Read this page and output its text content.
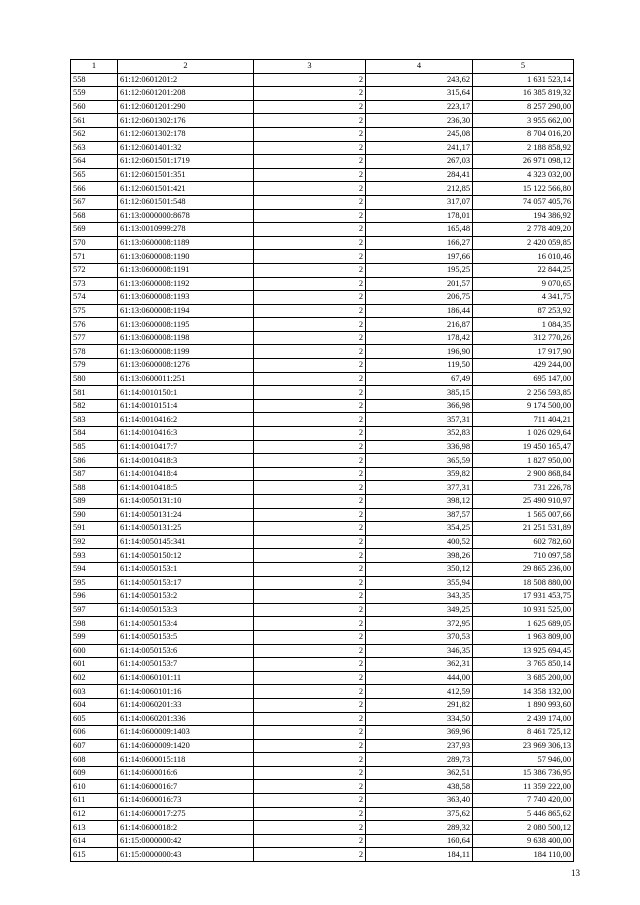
1	2	3	4	5
558	61:12:0601201:2	2	243,62	1 631 523,14
559	61:12:0601201:208	2	315,64	16 385 819,32
560	61:12:0601201:290	2	223,17	8 257 290,00
561	61:12:0601302:176	2	236,30	3 955 662,00
562	61:12:0601302:178	2	245,08	8 704 016,20
563	61:12:0601401:32	2	241,17	2 188 858,92
564	61:12:0601501:1719	2	267,03	26 971 098,12
565	61:12:0601501:351	2	284,41	4 323 032,00
566	61:12:0601501:421	2	212,85	15 122 566,80
567	61:12:0601501:548	2	317,07	74 057 405,76
568	61:13:0000000:8678	2	178,01	194 386,92
569	61:13:0010999:278	2	165,48	2 778 409,20
570	61:13:0600008:1189	2	166,27	2 420 059,85
571	61:13:0600008:1190	2	197,66	16 010,46
572	61:13:0600008:1191	2	195,25	22 844,25
573	61:13:0600008:1192	2	201,57	9 070,65
574	61:13:0600008:1193	2	206,75	4 341,75
575	61:13:0600008:1194	2	186,44	87 253,92
576	61:13:0600008:1195	2	216,87	1 084,35
577	61:13:0600008:1198	2	178,42	312 770,26
578	61:13:0600008:1199	2	196,90	17 917,90
579	61:13:0600008:1276	2	119,50	429 244,00
580	61:13:0600011:251	2	67,49	695 147,00
581	61:14:0010150:1	2	385,15	2 256 593,85
582	61:14:0010151:4	2	366,98	9 174 500,00
583	61:14:0010416:2	2	357,31	711 404,21
584	61:14:0010416:3	2	352,83	1 026 029,64
585	61:14:0010417:7	2	336,98	19 450 165,47
586	61:14:0010418:3	2	365,59	1 827 950,00
587	61:14:0010418:4	2	359,82	2 900 868,84
588	61:14:0010418:5	2	377,31	731 226,78
589	61:14:0050131:10	2	398,12	25 490 910,97
590	61:14:0050131:24	2	387,57	1 565 007,66
591	61:14:0050131:25	2	354,25	21 251 531,89
592	61:14:0050145:341	2	400,52	602 782,60
593	61:14:0050150:12	2	398,26	710 097,58
594	61:14:0050153:1	2	350,12	29 865 236,00
595	61:14:0050153:17	2	355,94	18 508 880,00
596	61:14:0050153:2	2	343,35	17 931 453,75
597	61:14:0050153:3	2	349,25	10 931 525,00
598	61:14:0050153:4	2	372,95	1 625 689,05
599	61:14:0050153:5	2	370,53	1 963 809,00
600	61:14:0050153:6	2	346,35	13 925 694,45
601	61:14:0050153:7	2	362,31	3 765 850,14
602	61:14:0060101:11	2	444,00	3 685 200,00
603	61:14:0060101:16	2	412,59	14 358 132,00
604	61:14:0060201:33	2	291,82	1 890 993,60
605	61:14:0060201:336	2	334,50	2 439 174,00
606	61:14:0600009:1403	2	369,96	8 461 725,12
607	61:14:0600009:1420	2	237,93	23 969 306,13
608	61:14:0600015:118	2	289,73	57 946,00
609	61:14:0600016:6	2	362,51	15 386 736,95
610	61:14:0600016:7	2	438,58	11 359 222,00
611	61:14:0600016:73	2	363,40	7 740 420,00
612	61:14:0600017:275	2	375,62	5 446 865,62
613	61:14:0600018:2	2	289,32	2 080 500,12
614	61:15:0000000:42	2	160,64	9 638 400,00
615	61:15:0000000:43	2	184,11	184 110,00
13
